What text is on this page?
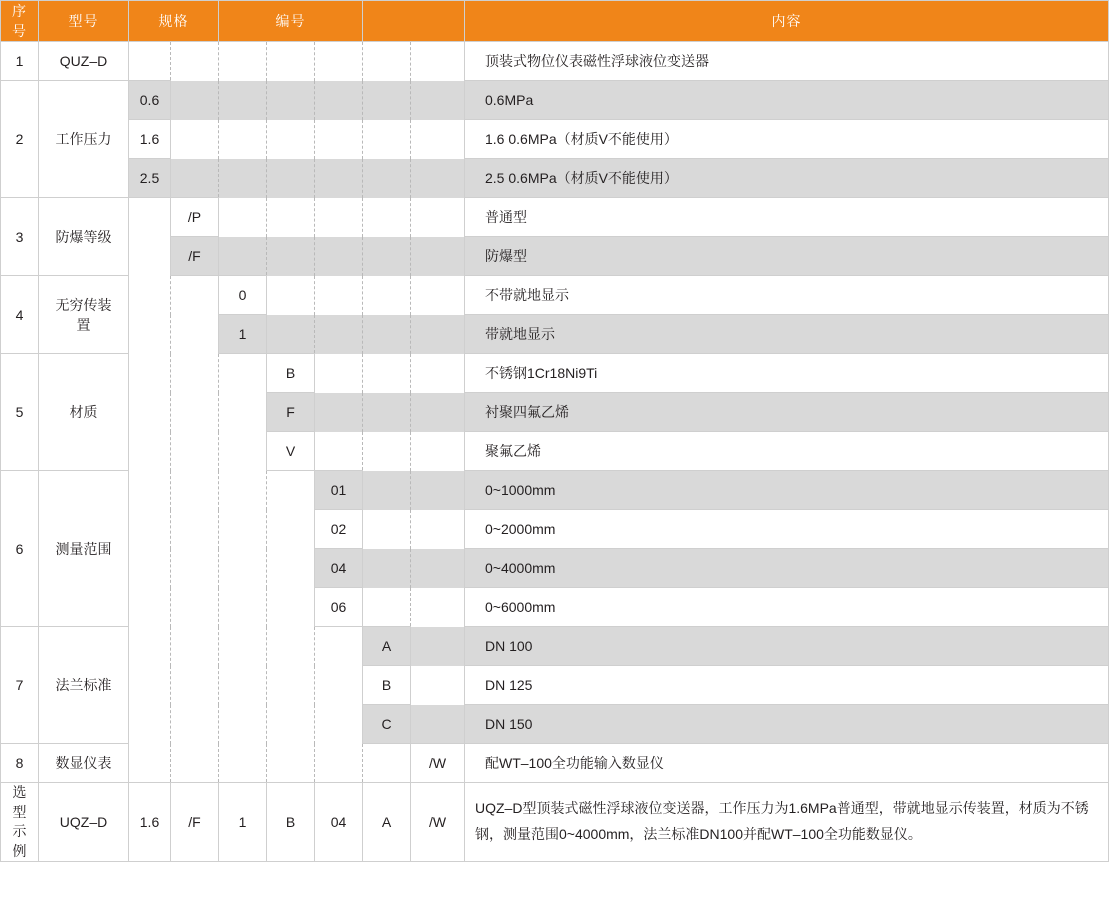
序号	型号	规格		编号					内容
1	QUZ–D								顶装式物位仪表磁性浮球液位变送器
2	工作压力	0.6							0.6MPa
		1.6							1.6 0.6MPa（材质V不能使用）
		2.5							2.5 0.6MPa（材质V不能使用）
3	防爆等级		/P						普通型
			/F						防爆型
4	无穷传装置			0					不带就地显示
				1					带就地显示
5	材质				B				不锈钢1Cr18Ni9Ti
					F				衬聚四氟乙烯
					V				聚氟乙烯
6	测量范围					01			0~1000mm
						02			0~2000mm
						04			0~4000mm
						06			0~6000mm
7	法兰标准						A		DN 100
							B		DN 125
							C		DN 150
8	数显仪表							/W	配WT–100全功能输入数显仪
选型
示例	UQZ–D	1.6	/F	1	B	04	A	/W	UQZ–D型顶装式磁性浮球液位变送器，工作压力为1.6MPa普通型，带就地显示传装置，材质为不锈钢，测量范围0~4000mm，法兰标准DN100并配WT–100全功能数显仪。
